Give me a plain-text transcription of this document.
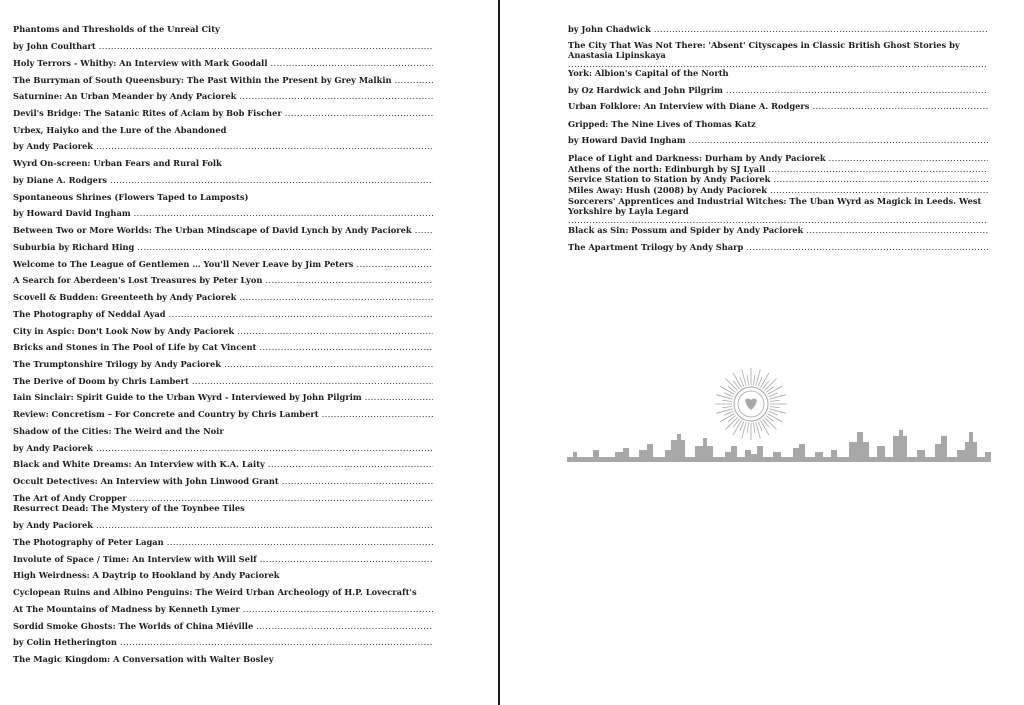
Phantoms and Thresholds of the Unreal City
by John Coulthart .....
Holy Terrors - Whitby: An Interview with Mark Goodall .....
The Burryman of South Queensbury: The Past Within the Present by Grey Malkin .....
Saturnine: An Urban Meander by Andy Paciorek .....
Devil's Bridge: The Satanic Rites of Aclam by Bob Fischer .....
Urbex, Haiyko and the Lure of the Abandoned
by Andy Paciorek .....
Wyrd On-screen: Urban Fears and Rural Folk
by Diane A. Rodgers .....
Spontaneous Shrines (Flowers Taped to Lamposts)
by Howard David Ingham .....
Between Two or More Worlds: The Urban Mindscape of David Lynch by Andy Paciorek .....
Suburbia by Richard Hing .....
Welcome to The League of Gentlemen … You'll Never Leave by Jim Peters .....
A Search for Aberdeen's Lost Treasures by Peter Lyon .....
Scovell & Budden: Greenteeth by Andy Paciorek .....
The Photography of Neddal Ayad .....
City in Aspic: Don't Look Now by Andy Paciorek .....
Bricks and Stones in The Pool of Life by Cat Vincent .....
The Trumptonshire Trilogy by Andy Paciorek .....
The Derive of Doom by Chris Lambert .....
Iain Sinclair: Spirit Guide to the Urban Wyrd - Interviewed by John Pilgrim .....
Review: Concretism – For Concrete and Country by Chris Lambert .....
Shadow of the Cities: The Weird and the Noir
by Andy Paciorek .....
Black and White Dreams: An Interview with K.A. Laity .....
Occult Detectives: An Interview with John Linwood Grant .....
The Art of Andy Cropper .....
Resurrect Dead: The Mystery of the Toynbee Tiles
by Andy Paciorek .....
The Photography of Peter Lagan .....
Involute of Space / Time: An Interview with Will Self .....
High Weirdness: A Daytrip to Hookland by Andy Paciorek
Cyclopean Ruins and Albino Penguins: The Weird Urban Archeology of H.P. Lovecraft's
At The Mountains of Madness by Kenneth Lymer .....
Sordid Smoke Ghosts: The Worlds of China Miéville .....
by Colin Hetherington .....
The Magic Kingdom: A Conversation with Walter Bosley
by John Chadwick .....
The City That Was Not There: 'Absent' Cityscapes in Classic British Ghost Stories by Anastasia Lipinskaya .....
York: Albion's Capital of the North
by Oz Hardwick and John Pilgrim .....
Urban Folklore: An Interview with Diane A. Rodgers .....
Gripped: The Nine Lives of Thomas Katz
by Howard David Ingham .....
Place of Light and Darkness: Durham by Andy Paciorek .....
Athens of the north: Edinburgh by SJ Lyall .....
Service Station to Station by Andy Paciorek .....
Miles Away: Hush (2008) by Andy Paciorek .....
Sorcerers' Apprentices and Industrial Witches: The Uban Wyrd as Magick in Leeds. West Yorkshire by Layla Legard .....
Black as Sin: Possum and Spider by Andy Paciorek .....
The Apartment Trilogy by Andy Sharp .....
